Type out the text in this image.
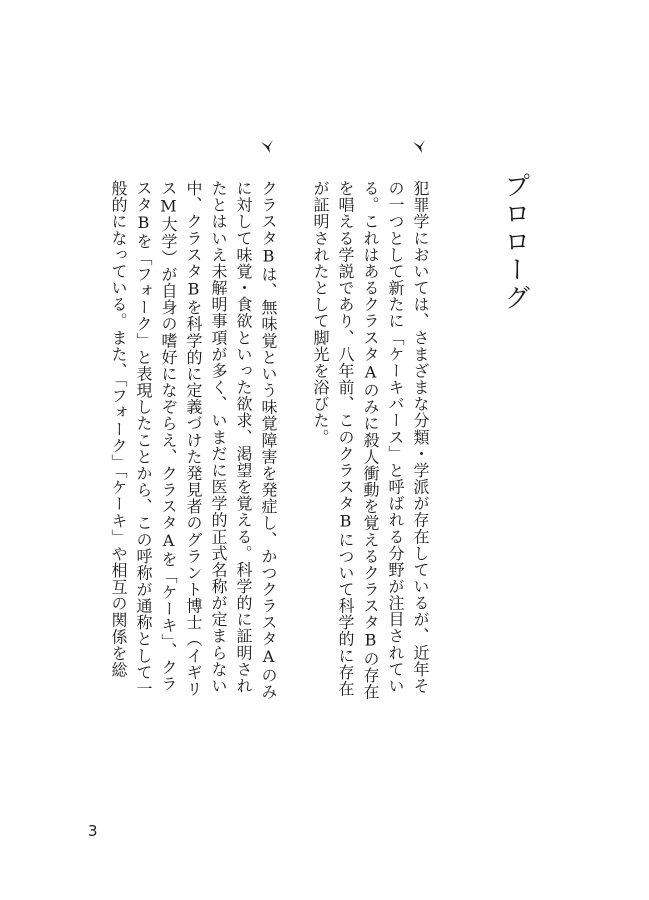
プロローグ
犯罪学においては、さまざまな分類・学派が存在しているが、近年そ
の一つとして新たに「ケーキバース」と呼ばれる分野が注目されてい
る。これはあるクラスタAのみに殺人衝動を覚えるクラスタBの存在
を唱える学説であり、八年前、このクラスタBについて科学的に存在
が証明されたとして脚光を浴びた。
クラスタBは、無味覚という味覚障害を発症し、かつクラスタAのみ
に対して味覚・食欲といった欲求、渇望を覚える。科学的に証明され
たとはいえ未解明事項が多く、いまだに医学的正式名称が定まらない
中、クラスタBを科学的に定義づけた発見者のグラント博士（イギリ
スM大学）が自身の嗜好になぞらえ、クラスタAを「ケーキ」、クラ
スタBを「フォーク」と表現したことから、この呼称が通称として一
般的になっている。また、「フォーク」「ケーキ」や相互の関係を総
3
